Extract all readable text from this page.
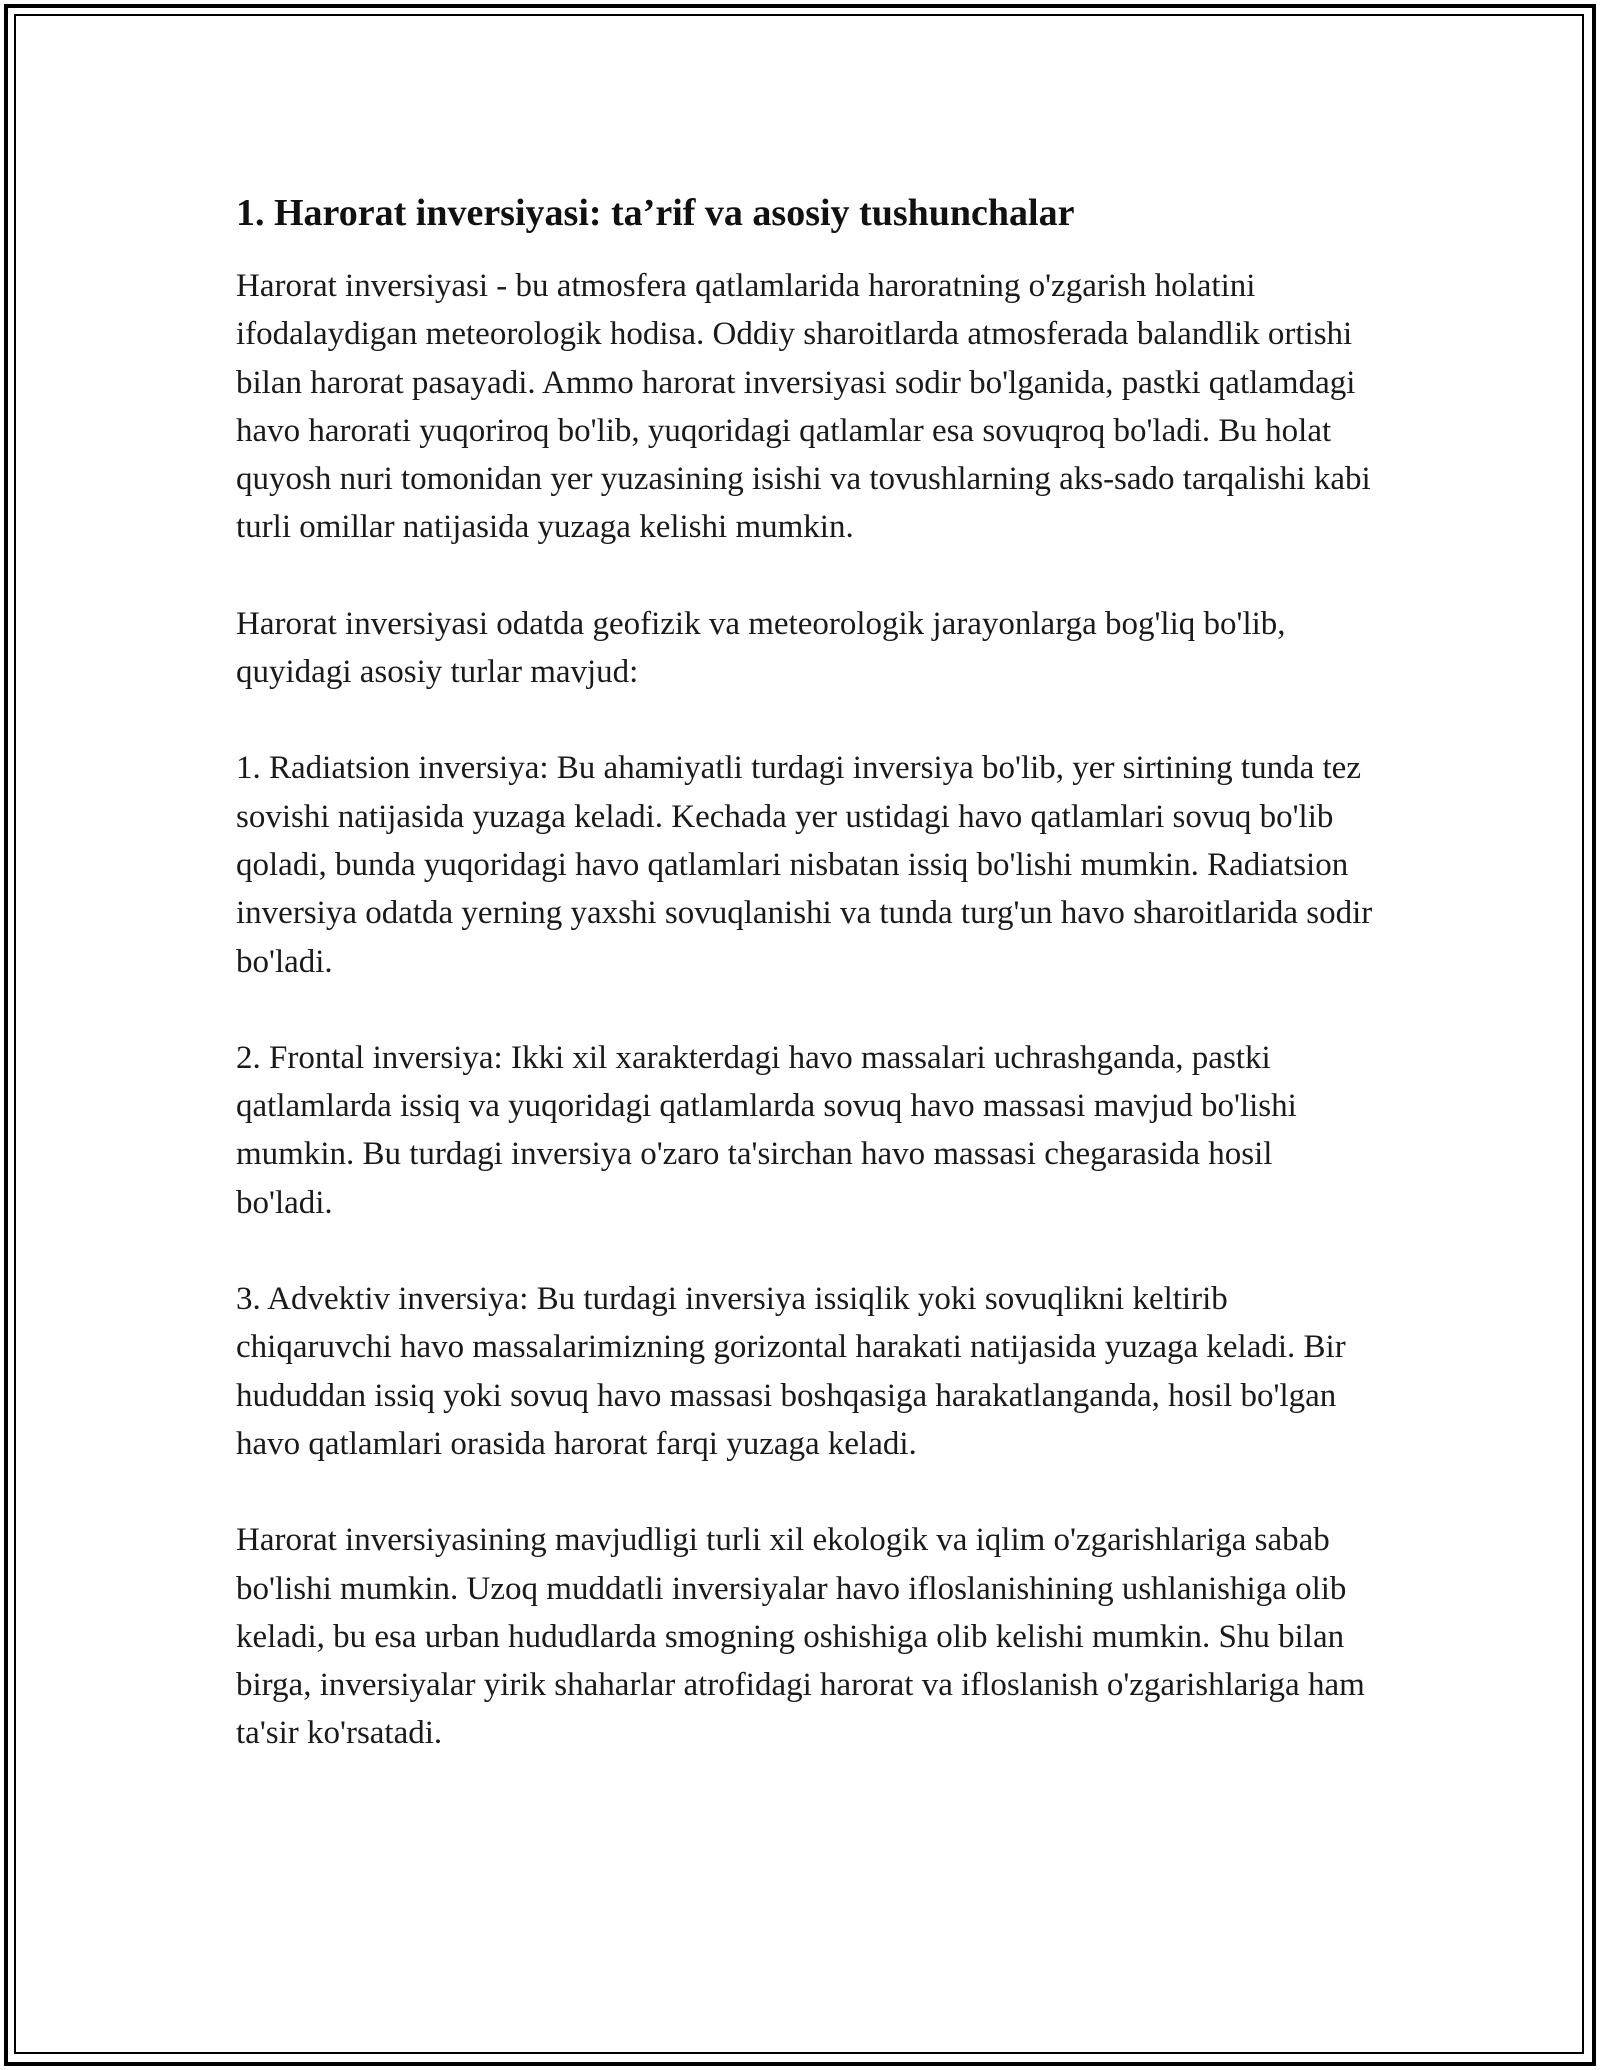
1. Harorat inversiyasi: ta’rif va asosiy tushunchalar

Harorat inversiyasi - bu atmosfera qatlamlarida haroratning o'zgarish holatini ifodalaydigan meteorologik hodisa. Oddiy sharoitlarda atmosferada balandlik ortishi bilan harorat pasayadi. Ammo harorat inversiyasi sodir bo'lganida, pastki qatlamdagi havo harorati yuqoriroq bo'lib, yuqoridagi qatlamlar esa sovuqroq bo'ladi. Bu holat quyosh nuri tomonidan yer yuzasining isishi va tovushlarning aks-sado tarqalishi kabi turli omillar natijasida yuzaga kelishi mumkin.

Harorat inversiyasi odatda geofizik va meteorologik jarayonlarga bog'liq bo'lib, quyidagi asosiy turlar mavjud:

1. Radiatsion inversiya: Bu ahamiyatli turdagi inversiya bo'lib, yer sirtining tunda tez sovishi natijasida yuzaga keladi. Kechada yer ustidagi havo qatlamlari sovuq bo'lib qoladi, bunda yuqoridagi havo qatlamlari nisbatan issiq bo'lishi mumkin. Radiatsion inversiya odatda yerning yaxshi sovuqlanishi va tunda turg'un havo sharoitlarida sodir bo'ladi.

2. Frontal inversiya: Ikki xil xarakterdagi havo massalari uchrashganda, pastki qatlamlarda issiq va yuqoridagi qatlamlarda sovuq havo massasi mavjud bo'lishi mumkin. Bu turdagi inversiya o'zaro ta'sirchan havo massasi chegarasida hosil bo'ladi.

3. Advektiv inversiya: Bu turdagi inversiya issiqlik yoki sovuqlikni keltirib chiqaruvchi havo massalarimizning gorizontal harakati natijasida yuzaga keladi. Bir hududdan issiq yoki sovuq havo massasi boshqasiga harakatlanganda, hosil bo'lgan havo qatlamlari orasida harorat farqi yuzaga keladi.

Harorat inversiyasining mavjudligi turli xil ekologik va iqlim o'zgarishlariga sabab bo'lishi mumkin. Uzoq muddatli inversiyalar havo ifloslanishining ushlanishiga olib keladi, bu esa urban hududlarda smogning oshishiga olib kelishi mumkin. Shu bilan birga, inversiyalar yirik shaharlar atrofidagi harorat va ifloslanish o'zgarishlariga ham ta'sir ko'rsatadi.
